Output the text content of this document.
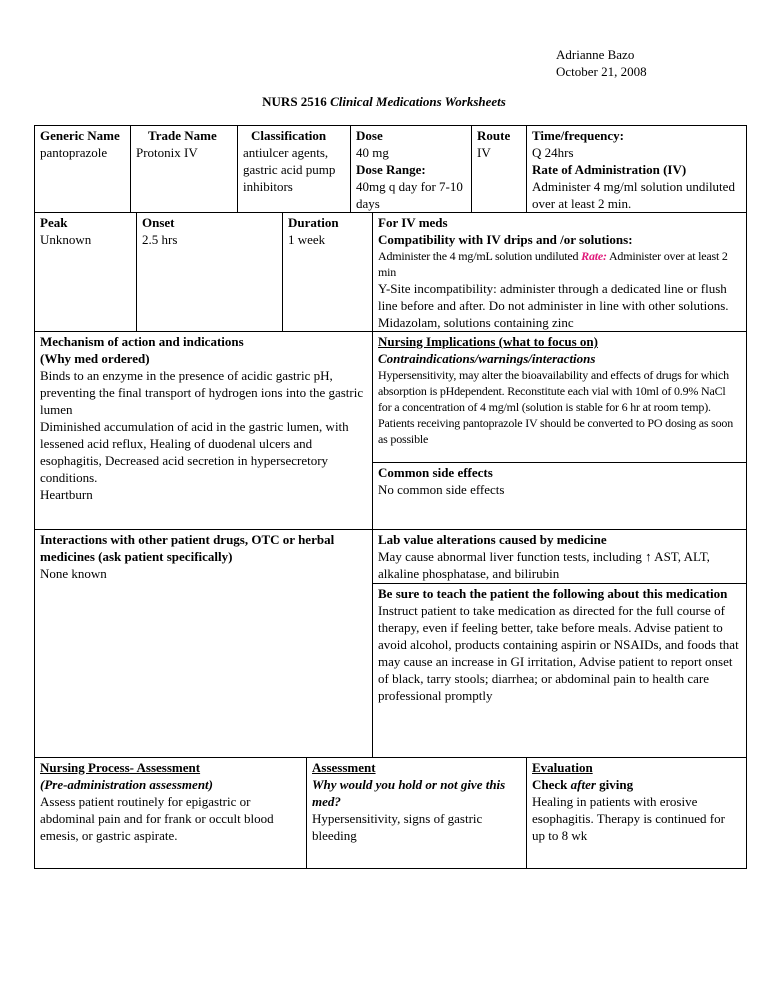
Adrianne Bazo

October 21, 2008

NURS 2516 Clinical Medications Worksheets

Generic Name

pantoprazole

Trade Name

Protonix IV

Classification

antiulcer agents, gastric acid pump inhibitors

Dose

40 mg

Dose Range:

40mg q day for 7-10 days

Route

IV

Time/frequency:

Q 24hrs

Rate of Administration (IV)

Administer 4 mg/ml solution undiluted over at least 2 min.

Peak

Unknown

Onset

2.5 hrs

Duration

1 week

For IV meds

Compatibility with IV drips and /or solutions:

Administer the 4 mg/mL solution undiluted Rate: Administer over at least 2 min

Y-Site incompatibility: administer through a dedicated line or flush line before and after. Do not administer in line with other solutions. Midazolam, solutions containing zinc

Mechanism of action and indications

(Why med ordered)

Binds to an enzyme in the presence of acidic gastric pH, preventing the final transport of hydrogen ions into the gastric lumen

Diminished accumulation of acid in the gastric lumen, with lessened acid reflux, Healing of duodenal ulcers and esophagitis, Decreased acid secretion in hypersecretory conditions.

Heartburn

Nursing Implications (what to focus on)

Contraindications/warnings/interactions

Hypersensitivity, may alter the bioavailability and effects of drugs for which absorption is pHdependent. Reconstitute each vial with 10ml of 0.9% NaCl for a concentration of 4 mg/ml (solution is stable for 6 hr at room temp). Patients receiving pantoprazole IV should be converted to PO dosing as soon as possible

Common side effects

No common side effects

Interactions with other patient drugs, OTC or herbal medicines (ask patient specifically)

None known

Lab value alterations caused by medicine

May cause abnormal liver function tests, including ↑ AST, ALT, alkaline phosphatase, and bilirubin

Be sure to teach the patient the following about this medication

Instruct patient to take medication as directed for the full course of therapy, even if feeling better, take before meals. Advise patient to avoid alcohol, products containing aspirin or NSAIDs, and foods that may cause an increase in GI irritation, Advise patient to report onset of black, tarry stools; diarrhea; or abdominal pain to health care professional promptly

Nursing Process- Assessment

(Pre-administration assessment)

Assess patient routinely for epigastric or abdominal pain and for frank or occult blood emesis, or gastric aspirate.

Assessment

Why would you hold or not give this med?

Hypersensitivity, signs of gastric bleeding

Evaluation

Check after giving

Healing in patients with erosive esophagitis. Therapy is continued for up to 8 wk
